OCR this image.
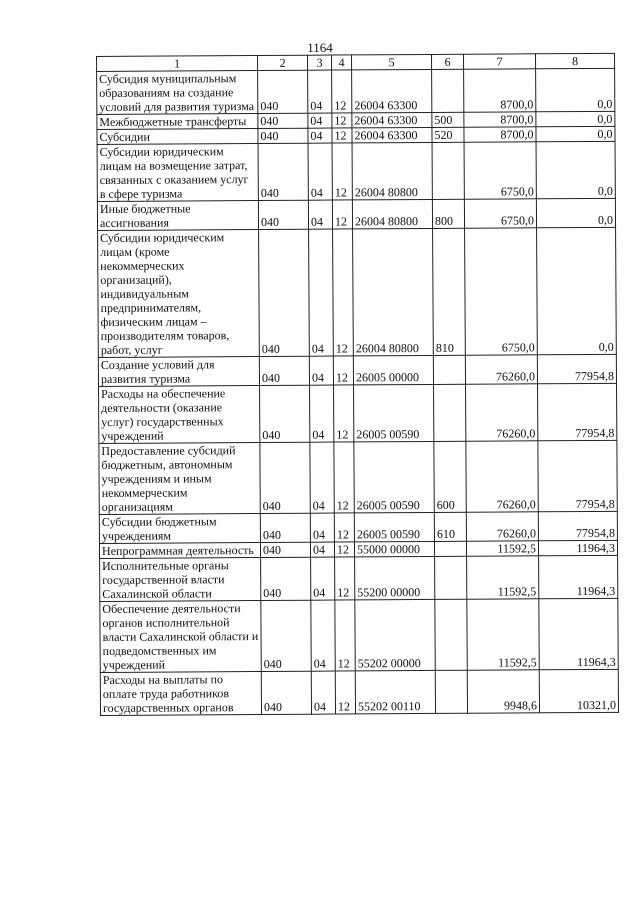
1164
1	2	3	4	5	6	7	8
Субсидия муниципальным образованиям на создание условий для развития туризма	040	04	12	26004 63300		8700,0	0,0
Межбюджетные трансферты	040	04	12	26004 63300	500	8700,0	0,0
Субсидии	040	04	12	26004 63300	520	8700,0	0,0
Субсидии юридическим лицам на возмещение затрат, связанных с оказанием услуг в сфере туризма	040	04	12	26004 80800		6750,0	0,0
Иные бюджетные ассигнования	040	04	12	26004 80800	800	6750,0	0,0
Субсидии юридическим лицам (кроме некоммерческих организаций), индивидуальным предпринимателям, физическим лицам – производителям товаров, работ, услуг	040	04	12	26004 80800	810	6750,0	0,0
Создание условий для развития туризма	040	04	12	26005 00000		76260,0	77954,8
Расходы на обеспечение деятельности (оказание услуг) государственных учреждений	040	04	12	26005 00590		76260,0	77954,8
Предоставление субсидий бюджетным, автономным учреждениям и иным некоммерческим организациям	040	04	12	26005 00590	600	76260,0	77954,8
Субсидии бюджетным учреждениям	040	04	12	26005 00590	610	76260,0	77954,8
Непрограммная деятельность	040	04	12	55000 00000		11592,5	11964,3
Исполнительные органы государственной власти Сахалинской области	040	04	12	55200 00000		11592,5	11964,3
Обеспечение деятельности органов исполнительной власти Сахалинской области и подведомственных им учреждений	040	04	12	55202 00000		11592,5	11964,3
Расходы на выплаты по оплате труда работников государственных органов	040	04	12	55202 00110		9948,6	10321,0
